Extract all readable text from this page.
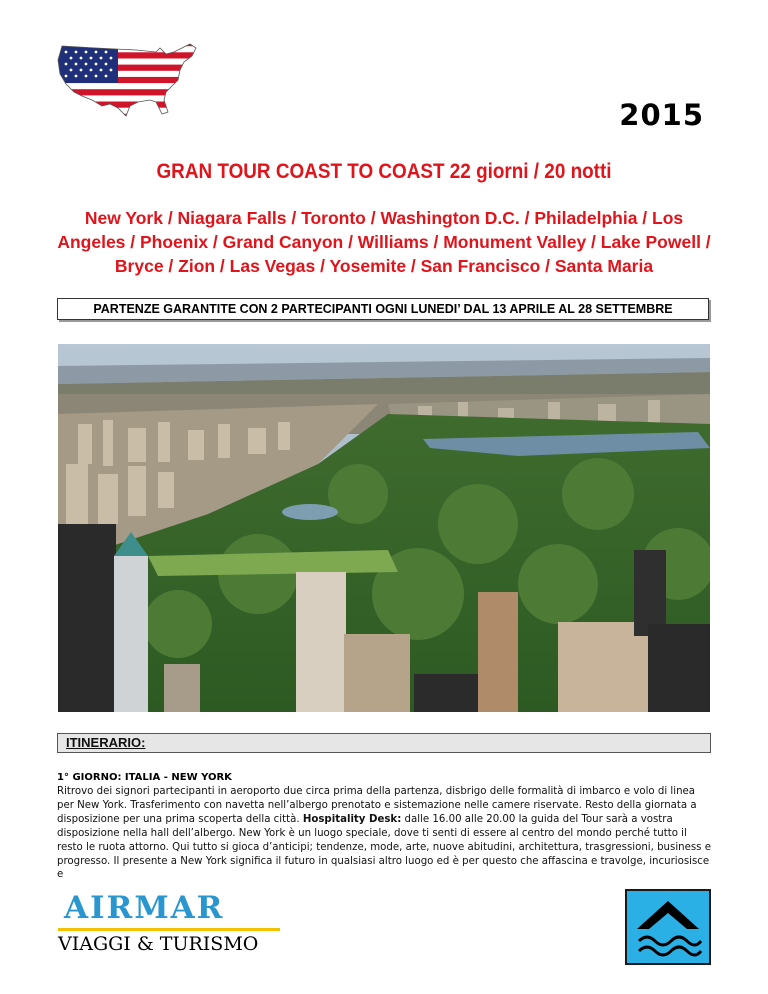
2015
GRAN TOUR COAST TO COAST 22 giorni / 20 notti
New York / Niagara Falls / Toronto / Washington D.C. / Philadelphia / Los Angeles / Phoenix / Grand Canyon / Williams / Monument Valley / Lake Powell / Bryce / Zion / Las Vegas / Yosemite / San Francisco / Santa Maria
PARTENZE GARANTITE CON 2 PARTECIPANTI OGNI LUNEDI’ DAL 13 APRILE AL 28 SETTEMBRE
ITINERARIO:
1° GIORNO: ITALIA - NEW YORK
Ritrovo dei signori partecipanti in aeroporto due circa prima della partenza, disbrigo delle formalità di imbarco e volo di linea per New York. Trasferimento con navetta nell’albergo prenotato e sistemazione nelle camere riservate. Resto della giornata a disposizione per una prima scoperta della città. Hospitality Desk: dalle 16.00 alle 20.00 la guida del Tour sarà a vostra disposizione nella hall dell’albergo. New York è un luogo speciale, dove ti senti di essere al centro del mondo perché tutto il resto le ruota attorno. Qui tutto si gioca d’anticipi; tendenze, mode, arte, nuove abitudini, architettura, trasgressioni, business e progresso. Il presente a New York significa il futuro in qualsiasi altro luogo ed è per questo che affascina e travolge, incuriosisce e
AIRMAR
VIAGGI & TURISMO
